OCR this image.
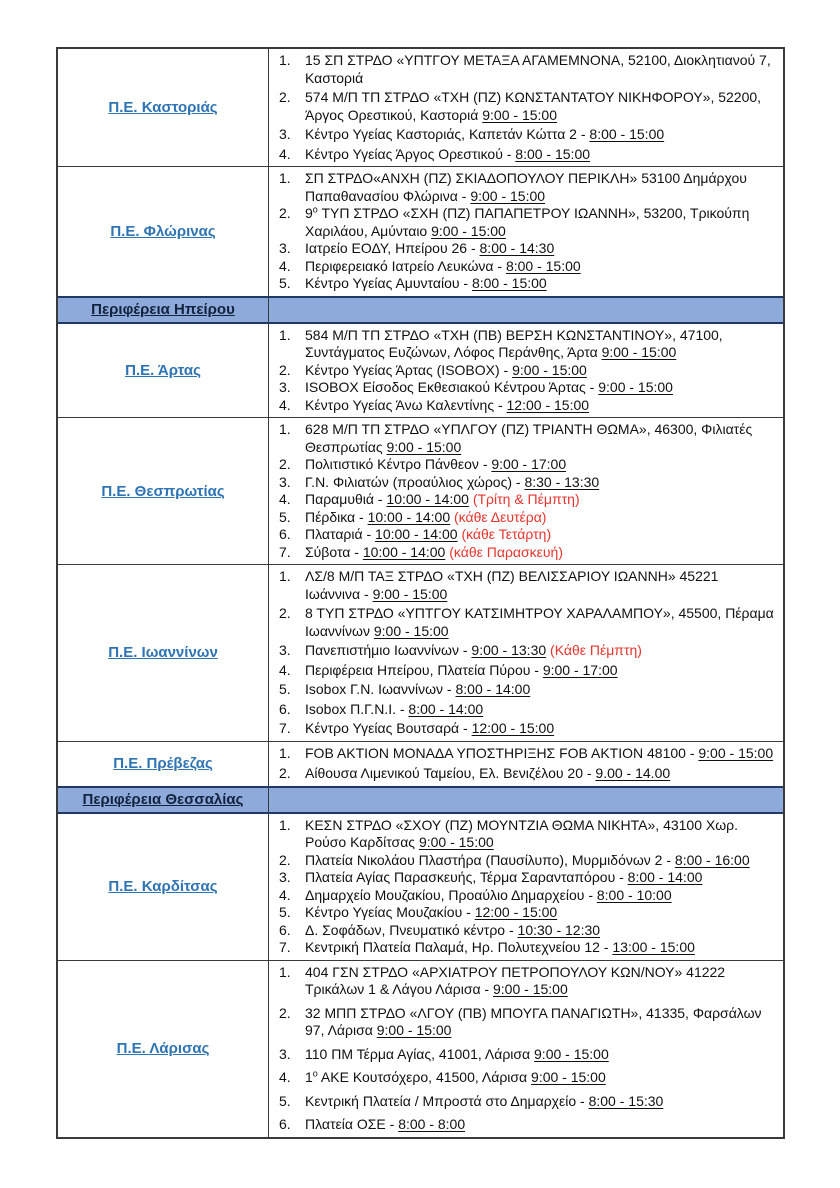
Π.Ε. Καστοριάς
1.	15 ΣΠ ΣΤΡΔΟ «ΥΠΤΓΟΥ ΜΕΤΑΞΑ ΑΓΑΜΕΜΝΟΝΑ, 52100, Διοκλητιανού 7, Καστοριά
2.	574 Μ/Π ΤΠ ΣΤΡΔΟ «ΤΧΗ (ΠΖ) ΚΩΝΣΤΑΝΤΑΤΟΥ ΝΙΚΗΦΟΡΟΥ», 52200, Άργος Ορεστικού, Καστοριά 9:00 - 15:00
3.	Κέντρο Υγείας Καστοριάς, Καπετάν Κώττα 2 - 8:00 - 15:00
4.	Κέντρο Υγείας Άργος Ορεστικού - 8:00 - 15:00
Π.Ε. Φλώρινας
1.	ΣΠ ΣΤΡΔΟ«ΑΝΧΗ (ΠΖ) ΣΚΙΑΔΟΠΟΥΛΟΥ ΠΕΡΙΚΛΗ» 53100 Δημάρχου Παπαθανασίου Φλώρινα - 9:00 - 15:00
2.	$9^o$ ΤΥΠ ΣΤΡΔΟ «ΣΧΗ (ΠΖ) ΠΑΠΑΠΕΤΡΟΥ ΙΩΑΝΝΗ», 53200, Τρικούπη Χαριλάου, Αμύνταιο 9:00 - 15:00
3.	Ιατρείο ΕΟΔΥ, Ηπείρου 26 - 8:00 - 14:30
4.	Περιφερειακό Ιατρείο Λευκώνα - 8:00 - 15:00
5.	Κέντρο Υγείας Αμυνταίου - 8:00 - 15:00
Περιφέρεια Ηπείρου
Π.Ε. Άρτας
1.	584 Μ/Π ΤΠ ΣΤΡΔΟ «ΤΧΗ (ΠΒ) ΒΕΡΣΗ ΚΩΝΣΤΑΝΤΙΝΟΥ», 47100, Συντάγματος Ευζώνων, Λόφος Περάνθης, Άρτα 9:00 - 15:00
2.	Κέντρο Υγείας Άρτας (ISOBOX) - 9:00 - 15:00
3.	ISOBOX Είσοδος Εκθεσιακού Κέντρου Άρτας - 9:00 - 15:00
4.	Κέντρο Υγείας Άνω Καλεντίνης - 12:00 - 15:00
Π.Ε. Θεσπρωτίας
1.	628 Μ/Π ΤΠ ΣΤΡΔΟ «ΥΠΛΓΟΥ (ΠΖ) ΤΡΙΑΝΤΗ ΘΩΜΑ», 46300, Φιλιατές Θεσπρωτίας 9:00 - 15:00
2.	Πολιτιστικό Κέντρο Πάνθεον - 9:00 - 17:00
3.	Γ.Ν. Φιλιατών (προαύλιος χώρος) - 8:30 - 13:30
4.	Παραμυθιά - 10:00 - 14:00 (Τρίτη & Πέμπτη)
5.	Πέρδικα - 10:00 - 14:00 (κάθε Δευτέρα)
6.	Πλαταριά - 10:00 - 14:00 (κάθε Τετάρτη)
7.	Σύβοτα - 10:00 - 14:00 (κάθε Παρασκευή)
Π.Ε. Ιωαννίνων
1.	ΛΣ/8 Μ/Π ΤΑΞ ΣΤΡΔΟ «ΤΧΗ (ΠΖ) ΒΕΛΙΣΣΑΡΙΟΥ ΙΩΑΝΝΗ» 45221 Ιωάννινα - 9:00 - 15:00
2.	8 ΤΥΠ ΣΤΡΔΟ «ΥΠΤΓΟΥ ΚΑΤΣΙΜΗΤΡΟΥ ΧΑΡΑΛΑΜΠΟΥ», 45500, Πέραμα Ιωαννίνων 9:00 - 15:00
3.	Πανεπιστήμιο Ιωαννίνων - 9:00 - 13:30 (Κάθε Πέμπτη)
4.	Περιφέρεια Ηπείρου, Πλατεία Πύρου - 9:00 - 17:00
5.	Isobox Γ.Ν. Ιωαννίνων - 8:00 - 14:00
6.	Isobox Π.Γ.Ν.Ι. - 8:00 - 14:00
7.	Κέντρο Υγείας Βουτσαρά - 12:00 - 15:00
Π.Ε. Πρέβεζας
1.	FOB AKTION ΜΟΝΑΔΑ ΥΠΟΣΤΗΡΙΞΗΣ FOB AKTION 48100 - 9:00 - 15:00
2.	Αίθουσα Λιμενικού Ταμείου, Ελ. Βενιζέλου 20 - 9.00 - 14.00
Περιφέρεια Θεσσαλίας
Π.Ε. Καρδίτσας
1.	ΚΕΣΝ ΣΤΡΔΟ «ΣΧΟΥ (ΠΖ) ΜΟΥΝΤΖΙΑ ΘΩΜΑ ΝΙΚΗΤΑ», 43100 Χωρ. Ρούσο Καρδίτσας 9:00 - 15:00
2.	Πλατεία Νικολάου Πλαστήρα (Παυσίλυπο), Μυρμιδόνων 2 - 8:00 - 16:00
3.	Πλατεία Αγίας Παρασκευής, Τέρμα Σαρανταπόρου - 8:00 - 14:00
4.	Δημαρχείο Μουζακίου, Προαύλιο Δημαρχείου - 8:00 - 10:00
5.	Κέντρο Υγείας Μουζακίου - 12:00 - 15:00
6.	Δ. Σοφάδων, Πνευματικό κέντρο - 10:30 - 12:30
7.	Κεντρική Πλατεία Παλαμά, Ηρ. Πολυτεχνείου 12 - 13:00 - 15:00
Π.Ε. Λάρισας
1.	404 ΓΣΝ ΣΤΡΔΟ «ΑΡΧΙΑΤΡΟΥ ΠΕΤΡΟΠΟΥΛΟΥ ΚΩΝ/ΝΟΥ» 41222 Τρικάλων 1 & Λάγου Λάρισα - 9:00 - 15:00
2.	32 ΜΠΠ ΣΤΡΔΟ «ΛΓΟΥ (ΠΒ) ΜΠΟΥΓΑ ΠΑΝΑΓΙΩΤΗ», 41335, Φαρσάλων 97, Λάρισα 9:00 - 15:00
3.	110 ΠΜ Τέρμα Αγίας, 41001, Λάρισα 9:00 - 15:00
4.	$1^o$ ΑΚΕ Κουτσόχερο, 41500, Λάρισα 9:00 - 15:00
5.	Κεντρική Πλατεία / Μπροστά στο Δημαρχείο - 8:00 - 15:30
6.	Πλατεία ΟΣΕ - 8:00 - 8:00
